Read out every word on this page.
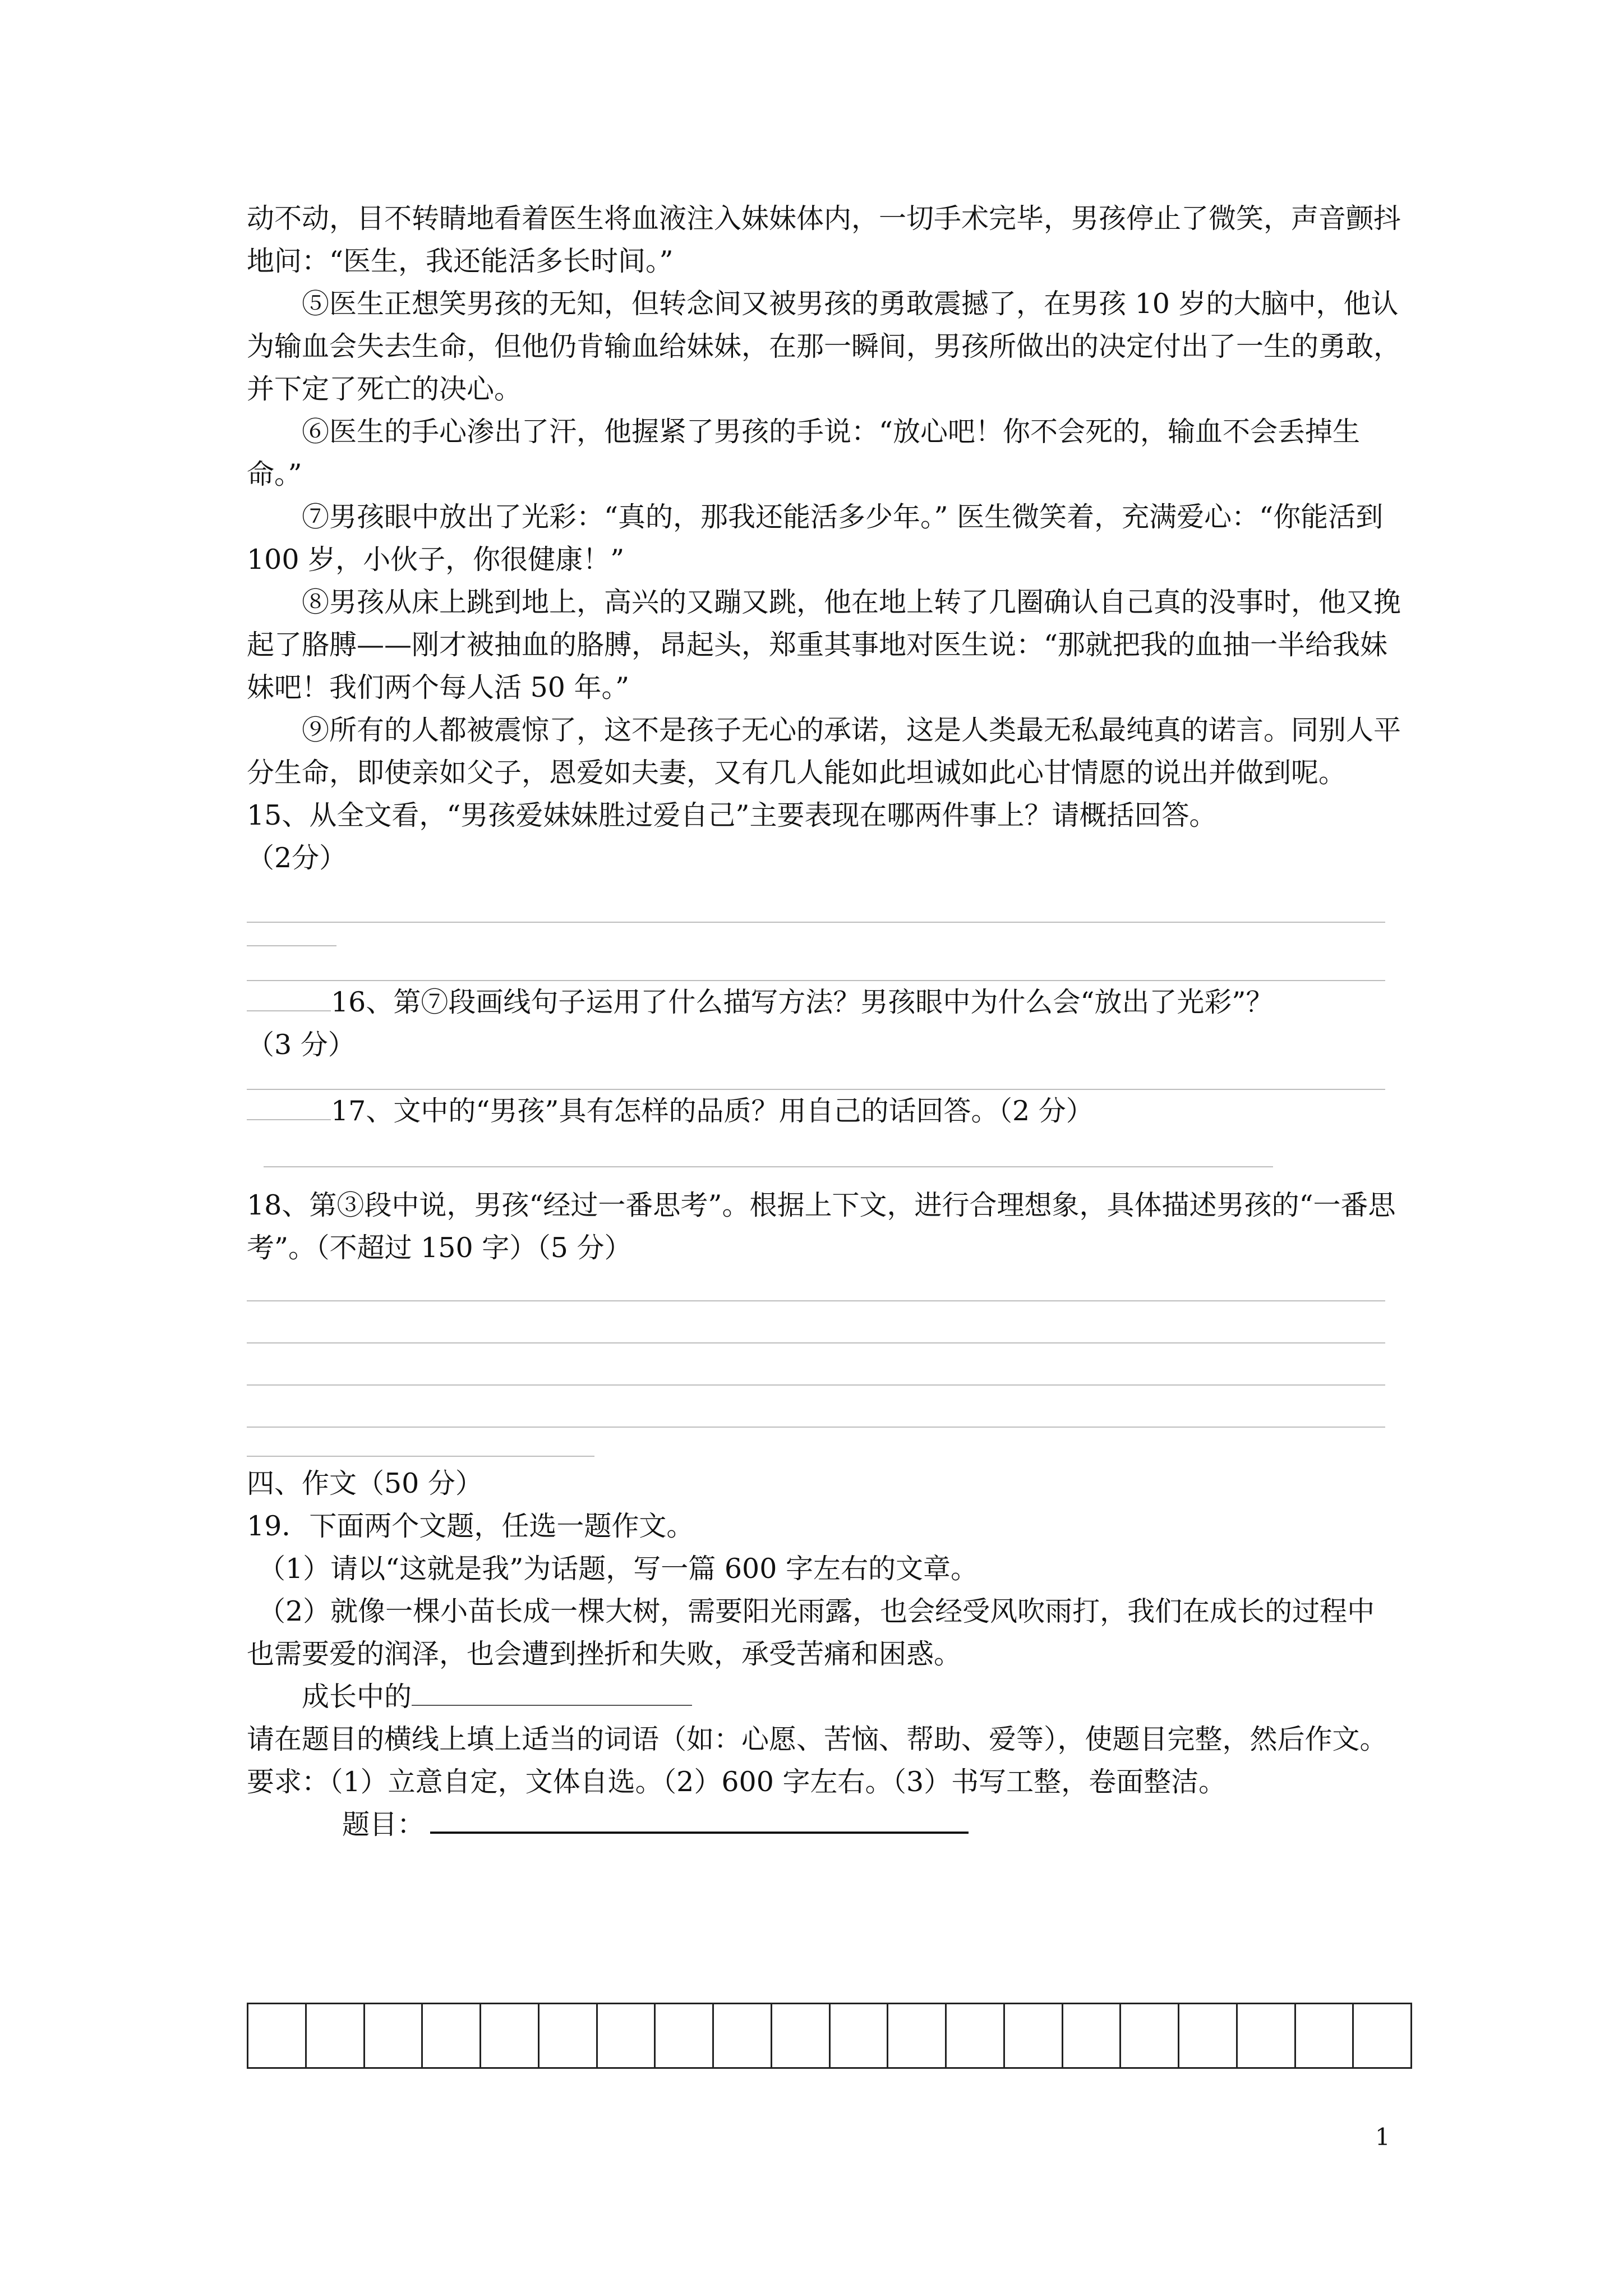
动不动，目不转睛地看着医生将血液注入妹妹体内，一切手术完毕，男孩停止了微笑，声音颤抖地问：“医生，我还能活多长时间。”

⑤医生正想笑男孩的无知，但转念间又被男孩的勇敢震撼了，在男孩 10 岁的大脑中，他认为输血会失去生命，但他仍肯输血给妹妹，在那一瞬间，男孩所做出的决定付出了一生的勇敢，并下定了死亡的决心。

⑥医生的手心渗出了汗，他握紧了男孩的手说：“放心吧！你不会死的，输血不会丢掉生命。”

⑦男孩眼中放出了光彩：“真的，那我还能活多少年。” 医生微笑着，充满爱心：“你能活到 100 岁，小伙子，你很健康！”

⑧男孩从床上跳到地上，高兴的又蹦又跳，他在地上转了几圈确认自己真的没事时，他又挽起了胳膊——刚才被抽血的胳膊，昂起头，郑重其事地对医生说：“那就把我的血抽一半给我妹妹吧！我们两个每人活 50 年。”

⑨所有的人都被震惊了，这不是孩子无心的承诺，这是人类最无私最纯真的诺言。同别人平分生命，即使亲如父子，恩爱如夫妻，又有几人能如此坦诚如此心甘情愿的说出并做到呢。

15、从全文看，“男孩爱妹妹胜过爱自己”主要表现在哪两件事上？请概括回答。

（2分）

16、第⑦段画线句子运用了什么描写方法？男孩眼中为什么会“放出了光彩”？

（3 分）

17、文中的“男孩”具有怎样的品质？用自己的话回答。（2 分）

18、第③段中说，男孩“经过一番思考”。根据上下文，进行合理想象，具体描述男孩的“一番思考”。（不超过 150 字）（5 分）

四、作文（50 分）

19．下面两个文题，任选一题作文。

（1）请以“这就是我”为话题，写一篇 600 字左右的文章。

（2）就像一棵小苗长成一棵大树，需要阳光雨露，也会经受风吹雨打，我们在成长的过程中也需要爱的润泽，也会遭到挫折和失败，承受苦痛和困惑。

成长中的

请在题目的横线上填上适当的词语（如：心愿、苦恼、帮助、爱等），使题目完整，然后作文。

要求：（1）立意自定，文体自选。（2）600 字左右。（3）书写工整，卷面整洁。

题目：

1
